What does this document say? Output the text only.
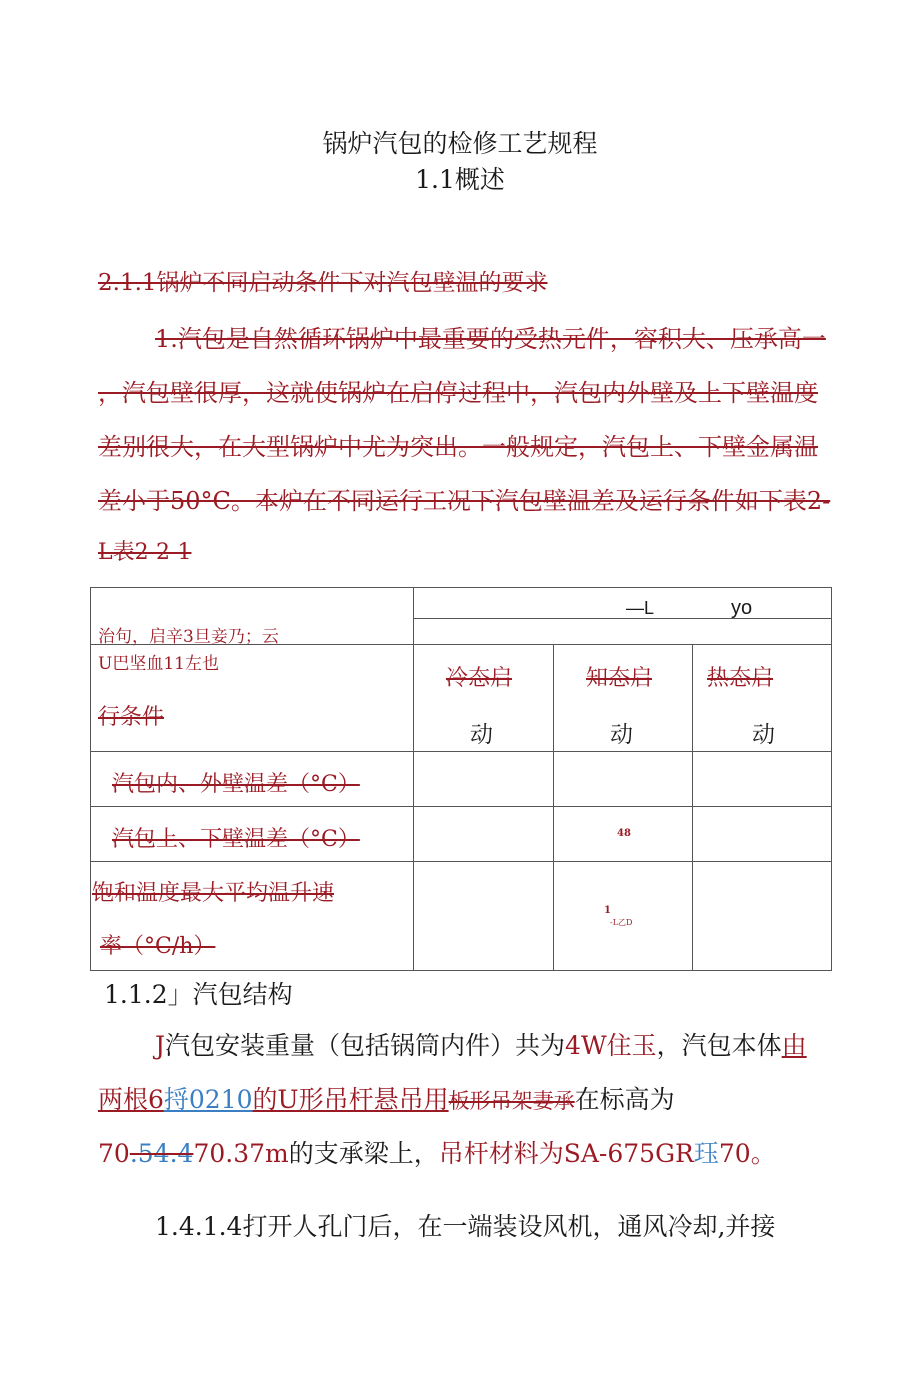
锅炉汽包的检修工艺规程
1.1概述
2.1.1锅炉不同启动条件下对汽包壁温的要求
1.汽包是自然循环锅炉中最重要的受热元件，容积大、压承高一
，汽包壁很厚，这就使锅炉在启停过程中，汽包内外壁及上下壁温度
差别很大，在大型锅炉中尤为突出。一般规定，汽包上、下壁金属温
差小于50°C。本炉在不同运行工况下汽包壁温差及运行条件如下表2-
L表2-2-1
治句，启辛3旦妾乃；云
U巴坚血11左也
行条件
—L	yo
冷态启
动
知态启
动
热态启
动
汽包内、外壁温差（°C）
汽包上、下壁温差（°C）	48
饱和温度最大平均温升速
率（°C/h）
1
-L乙D
1.1.2」汽包结构
J汽包安装重量（包括锅筒内件）共为4W住玉，汽包本体由
两根6捋0210的U形吊杆悬吊用板形吊架妻承在标高为
70.54.470.37m的支承梁上，吊杆材料为SA-675GR珏70。
1.4.1.4打开人孔门后，在一端装设风机，通风冷却,并接
